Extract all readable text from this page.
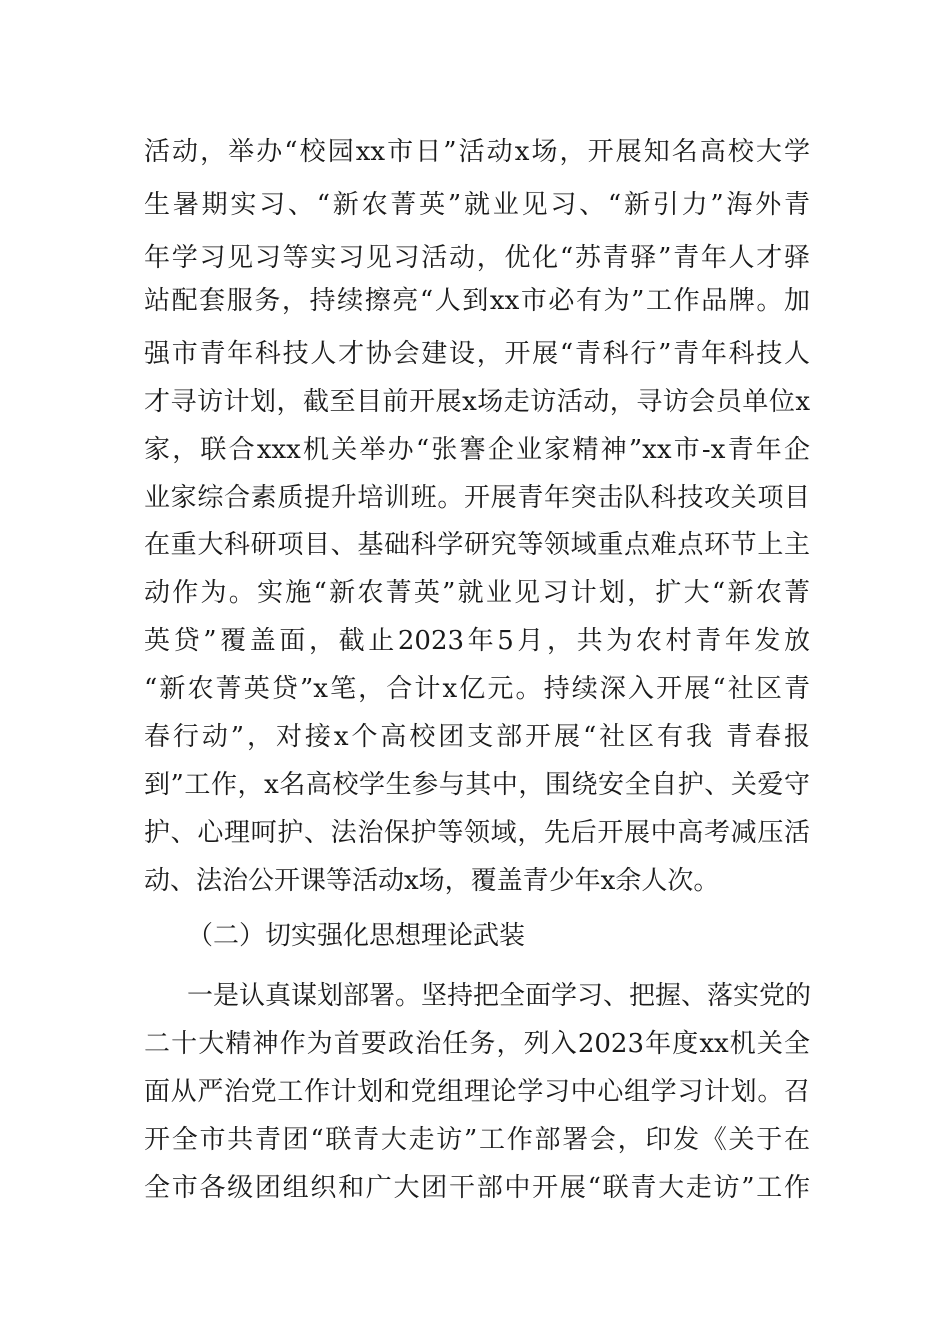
活动，举办“校园xx市日”活动x场，开展知名高校大学
生暑期实习、“新农菁英”就业见习、“新引力”海外青
年学习见习等实习见习活动，优化“苏青驿”青年人才驿
站配套服务，持续擦亮“人到xx市必有为”工作品牌。加
强市青年科技人才协会建设，开展“青科行”青年科技人
才寻访计划，截至目前开展x场走访活动，寻访会员单位x
家，联合xxx机关举办“张謇企业家精神”xx市-x青年企
业家综合素质提升培训班。开展青年突击队科技攻关项目
在重大科研项目、基础科学研究等领域重点难点环节上主
动作为。实施“新农菁英”就业见习计划，扩大“新农菁
英贷”覆盖面，截止2023年5月，共为农村青年发放
“新农菁英贷”x笔，合计x亿元。持续深入开展“社区青
春行动”，对接x个高校团支部开展“社区有我 青春报
到”工作，x名高校学生参与其中，围绕安全自护、关爱守
护、心理呵护、法治保护等领域，先后开展中高考减压活
动、法治公开课等活动x场，覆盖青少年x余人次。
（二）切实强化思想理论武装
一是认真谋划部署。坚持把全面学习、把握、落实党的
二十大精神作为首要政治任务，列入2023年度xx机关全
面从严治党工作计划和党组理论学习中心组学习计划。召
开全市共青团“联青大走访”工作部署会，印发《关于在
全市各级团组织和广大团干部中开展“联青大走访”工作
